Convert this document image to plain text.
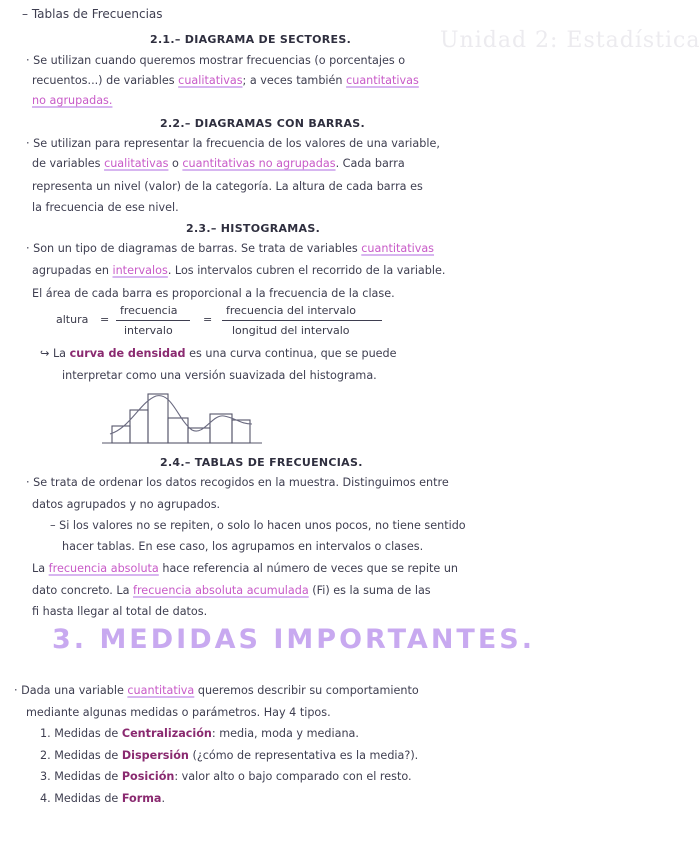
Unidad 2: Estadística
– Tablas de Frecuencias
2.1.– DIAGRAMA DE SECTORES.
· Se utilizan cuando queremos mostrar frecuencias (o porcentajes o
recuentos...) de variables cualitativas; a veces también cuantitativas
no agrupadas.
2.2.– DIAGRAMAS CON BARRAS.
· Se utilizan para representar la frecuencia de los valores de una variable,
de variables cualitativas o cuantitativas no agrupadas. Cada barra
representa un nivel (valor) de la categoría. La altura de cada barra es
la frecuencia de ese nivel.
2.3.– HISTOGRAMAS.
· Son un tipo de diagramas de barras. Se trata de variables cuantitativas
agrupadas en intervalos. Los intervalos cubren el recorrido de la variable.
El área de cada barra es proporcional a la frecuencia de la clase.
altura =
frecuencia
intervalo
=
frecuencia del intervalo
longitud del intervalo
↪ La curva de densidad es una curva continua, que se puede
interpretar como una versión suavizada del histograma.
2.4.– TABLAS DE FRECUENCIAS.
· Se trata de ordenar los datos recogidos en la muestra. Distinguimos entre
datos agrupados y no agrupados.
– Si los valores no se repiten, o solo lo hacen unos pocos, no tiene sentido
hacer tablas. En ese caso, los agrupamos en intervalos o clases.
La frecuencia absoluta hace referencia al número de veces que se repite un
dato concreto. La frecuencia absoluta acumulada (Fi) es la suma de las
fi hasta llegar al total de datos.
3. MEDIDAS IMPORTANTES.
· Dada una variable cuantitativa queremos describir su comportamiento
mediante algunas medidas o parámetros. Hay 4 tipos.
1. Medidas de Centralización: media, moda y mediana.
2. Medidas de Dispersión (¿cómo de representativa es la media?).
3. Medidas de Posición: valor alto o bajo comparado con el resto.
4. Medidas de Forma.
